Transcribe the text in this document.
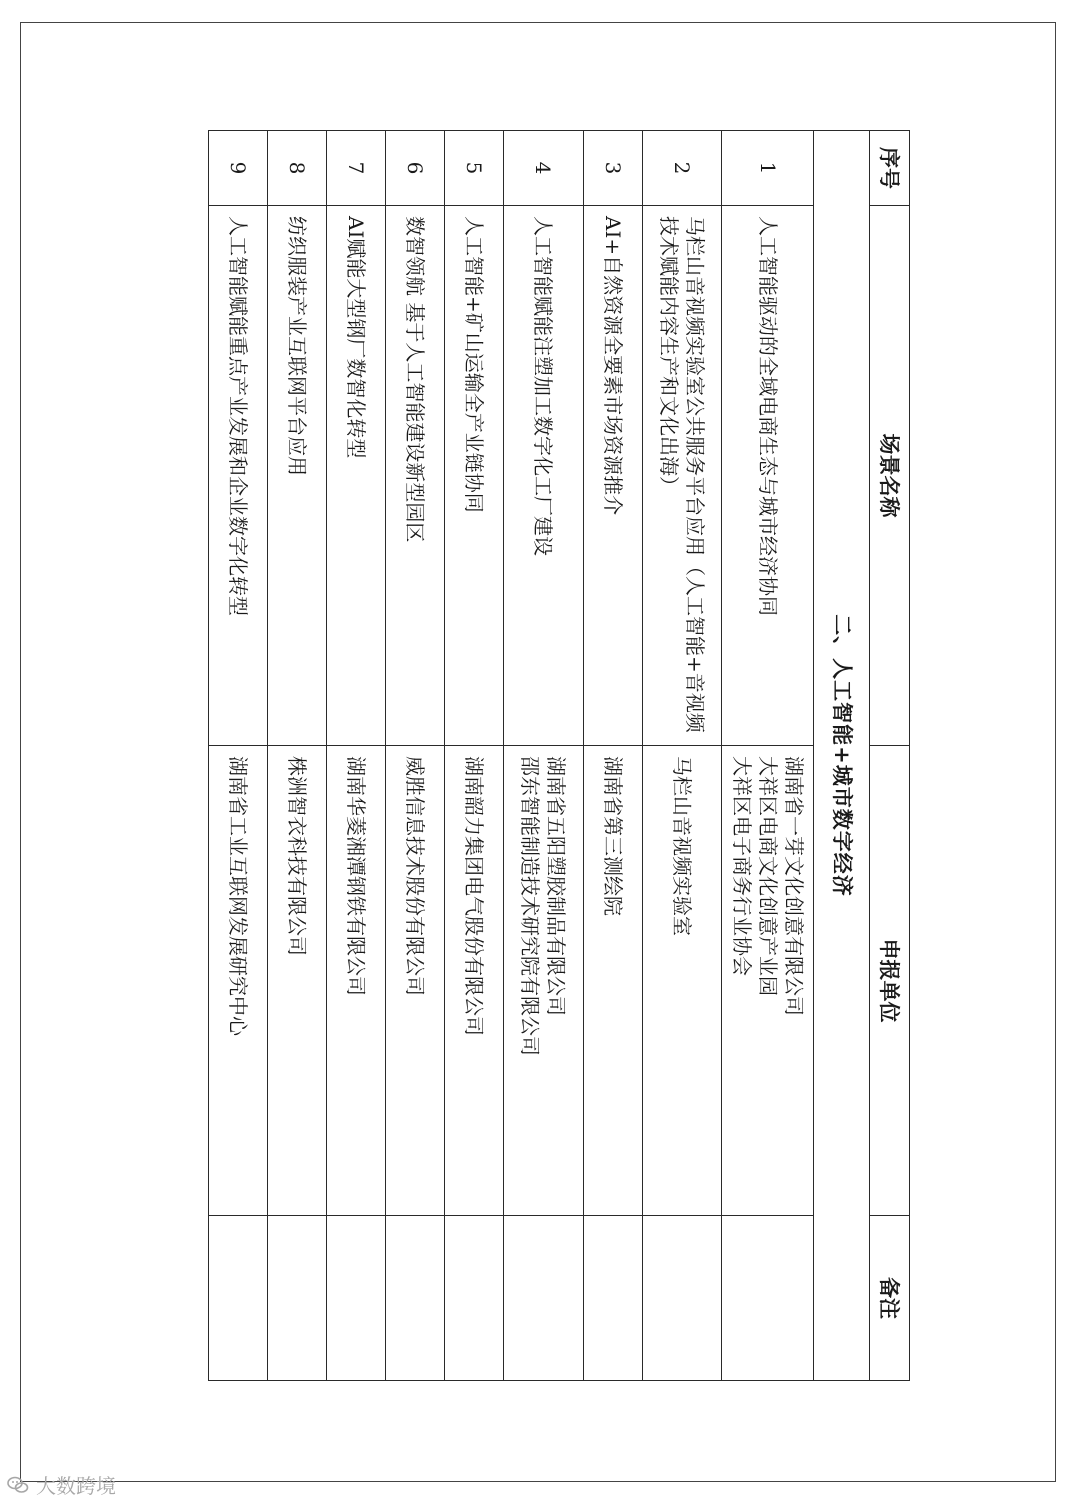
序号	场景名称	申报单位	备注
二、人工智能+城市数字经济			
1	人工智能驱动的全域电商生态与城市经济协同	湖南省一芽文化创意有限公司
大祥区电商文化创意产业园
大祥区电子商务行业协会	
2	马栏山音视频实验室公共服务平台应用（人工智能+音视频技术赋能内容生产和文化出海）	马栏山音视频实验室	
3	AI+自然资源全要素市场资源推介	湖南省第三测绘院	
4	人工智能赋能注塑加工数字化工厂建设	湖南省五阳塑胶制品有限公司
邵东智能制造技术研究院有限公司	
5	人工智能+矿山运输全产业链协同	湖南韶力集团电气股份有限公司	
6	数智领航 基于人工智能建设新型园区	威胜信息技术股份有限公司	
7	AI赋能大型钢厂数智化转型	湖南华菱湘潭钢铁有限公司	
8	纺织服装产业互联网平台应用	株洲智衣科技有限公司	
9	人工智能赋能重点产业发展和企业数字化转型	湖南省工业互联网发展研究中心	
大数跨境
